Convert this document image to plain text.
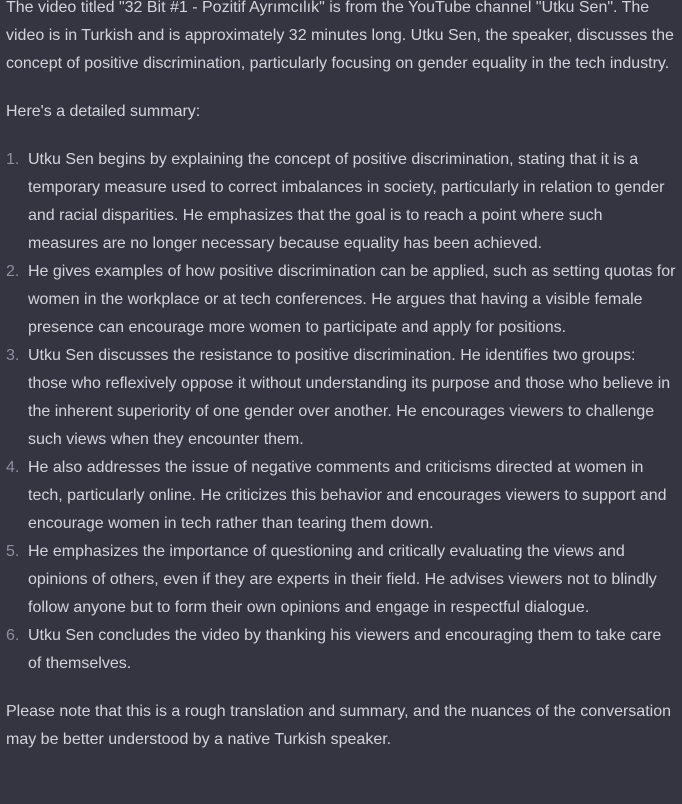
The video titled "32 Bit #1 - Pozitif Ayrımcılık" is from the YouTube channel "Utku Sen". The video is in Turkish and is approximately 32 minutes long. Utku Sen, the speaker, discusses the concept of positive discrimination, particularly focusing on gender equality in the tech industry.

Here's a detailed summary:

1. Utku Sen begins by explaining the concept of positive discrimination, stating that it is a temporary measure used to correct imbalances in society, particularly in relation to gender and racial disparities. He emphasizes that the goal is to reach a point where such measures are no longer necessary because equality has been achieved.
2. He gives examples of how positive discrimination can be applied, such as setting quotas for women in the workplace or at tech conferences. He argues that having a visible female presence can encourage more women to participate and apply for positions.
3. Utku Sen discusses the resistance to positive discrimination. He identifies two groups: those who reflexively oppose it without understanding its purpose and those who believe in the inherent superiority of one gender over another. He encourages viewers to challenge such views when they encounter them.
4. He also addresses the issue of negative comments and criticisms directed at women in tech, particularly online. He criticizes this behavior and encourages viewers to support and encourage women in tech rather than tearing them down.
5. He emphasizes the importance of questioning and critically evaluating the views and opinions of others, even if they are experts in their field. He advises viewers not to blindly follow anyone but to form their own opinions and engage in respectful dialogue.
6. Utku Sen concludes the video by thanking his viewers and encouraging them to take care of themselves.

Please note that this is a rough translation and summary, and the nuances of the conversation may be better understood by a native Turkish speaker.
